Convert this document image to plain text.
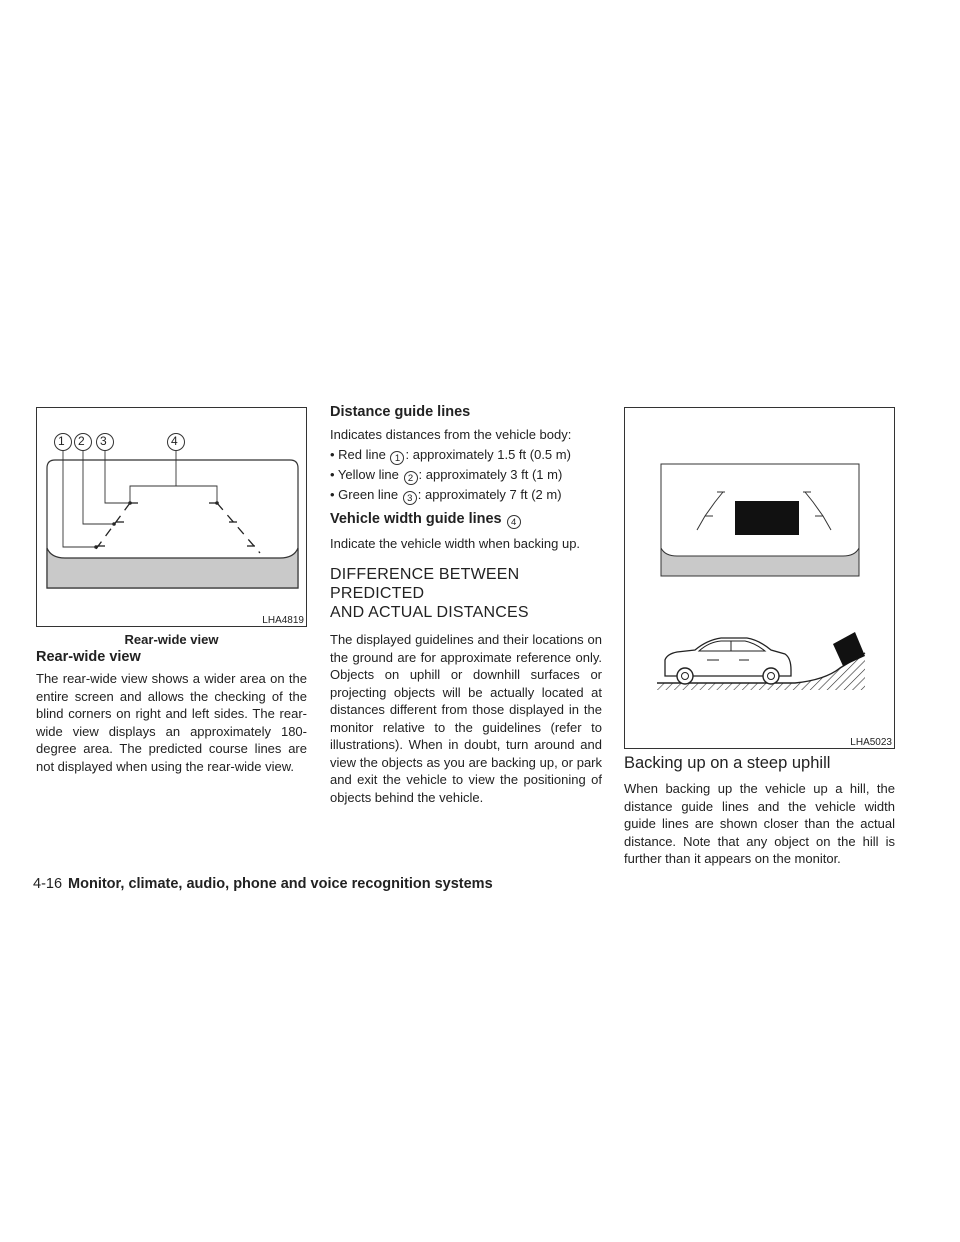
1 2 3	4
LHA4819
Rear-wide view
Rear-wide view

The rear-wide view shows a wider area on the entire screen and allows the checking of the blind corners on right and left sides. The rear-wide view displays an approximately 180-degree area. The predicted course lines are not displayed when using the rear-wide view.

Distance guide lines

Indicates distances from the vehicle body:

• Red line 1 : approximately 1.5 ft (0.5 m)
• Yellow line 2 : approximately 3 ft (1 m)
• Green line 3 : approximately 7 ft (2 m)
Vehicle width guide lines 4

Indicate the vehicle width when backing up.

DIFFERENCE BETWEEN PREDICTED
AND ACTUAL DISTANCES

The displayed guidelines and their locations on the ground are for approximate reference only. Objects on uphill or downhill surfaces or projecting objects will be actually located at distances different from those displayed in the monitor relative to the guidelines (refer to illustrations). When in doubt, turn around and view the objects as you are backing up, or park and exit the vehicle to view the positioning of objects behind the vehicle.

LHA5023
Backing up on a steep uphill

When backing up the vehicle up a hill, the distance guide lines and the vehicle width guide lines are shown closer than the actual distance. Note that any object on the hill is further than it appears on the monitor.

4-16 Monitor, climate, audio, phone and voice recognition systems
